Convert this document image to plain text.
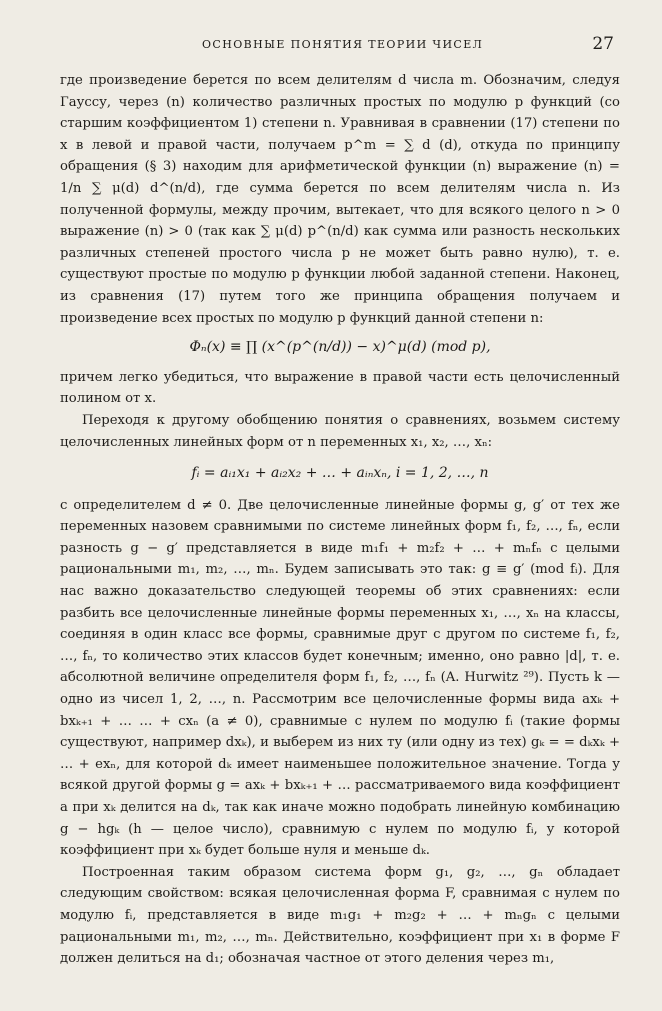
ОСНОВНЫЕ ПОНЯТИЯ ТЕОРИИ ЧИСЕЛ	27

где произведение берется по всем делителям d числа m. Обозначим, следуя Гауссу, через (n) количество различных простых по модулю p функций (со старшим коэффициентом 1) степени n. Уравнивая в сравнении (17) степени по x в левой и правой части, получаем p^m = ∑ d (d), откуда по принципу обращения (§ 3) находим для арифметической функции (n) выражение (n) = 1/n ∑ μ(d) d^(n/d), где сумма берется по всем делителям числа n. Из полученной формулы, между прочим, вытекает, что для всякого целого n > 0 выражение (n) > 0 (так как ∑ μ(d) p^(n/d) как сумма или разность нескольких различных степеней простого числа p не может быть равно нулю), т. е. существуют простые по модулю p функции любой заданной степени. Наконец, из сравнения (17) путем того же принципа обращения получаем и произведение всех простых по модулю p функций данной степени n:

Φₙ(x) ≡ ∏ (x^(p^(n/d)) − x)^μ(d) (mod p),

причем легко убедиться, что выражение в правой части есть целочисленный полином от x.

Переходя к другому обобщению понятия о сравнениях, возьмем систему целочисленных линейных форм от n переменных x₁, x₂, …, xₙ:

fᵢ = aᵢ₁x₁ + aᵢ₂x₂ + … + aᵢₙxₙ, i = 1, 2, …, n

с определителем d ≠ 0. Две целочисленные линейные формы g, g′ от тех же переменных назовем сравнимыми по системе линейных форм f₁, f₂, …, fₙ, если разность g − g′ представляется в виде m₁f₁ + m₂f₂ + … + mₙfₙ с целыми рациональными m₁, m₂, …, mₙ. Будем записывать это так: g ≡ g′ (mod fᵢ). Для нас важно доказательство следующей теоремы об этих сравнениях: если разбить все целочисленные линейные формы переменных x₁, …, xₙ на классы, соединяя в один класс все формы, сравнимые друг с другом по системе f₁, f₂, …, fₙ, то количество этих классов будет конечным; именно, оно равно |d|, т. е. абсолютной величине определителя форм f₁, f₂, …, fₙ (A. Hurwitz ²⁹). Пусть k — одно из чисел 1, 2, …, n. Рассмотрим все целочисленные формы вида axₖ + bxₖ₊₁ + … … + cxₙ (a ≠ 0), сравнимые с нулем по модулю fᵢ (такие формы существуют, например dxₖ), и выберем из них ту (или одну из тех) gₖ = = dₖxₖ + … + exₙ, для которой dₖ имеет наименьшее положительное значение. Тогда у всякой другой формы g = axₖ + bxₖ₊₁ + … рассматриваемого вида коэффициент a при xₖ делится на dₖ, так как иначе можно подобрать линейную комбинацию g − hgₖ (h — целое число), сравнимую с нулем по модулю fᵢ, у которой коэффициент при xₖ будет больше нуля и меньше dₖ.

Построенная таким образом система форм g₁, g₂, …, gₙ обладает следующим свойством: всякая целочисленная форма F, сравнимая с нулем по модулю fᵢ, представляется в виде m₁g₁ + m₂g₂ + … + mₙgₙ с целыми рациональными m₁, m₂, …, mₙ. Действительно, коэффициент при x₁ в форме F должен делиться на d₁; обозначая частное от этого деления через m₁,
